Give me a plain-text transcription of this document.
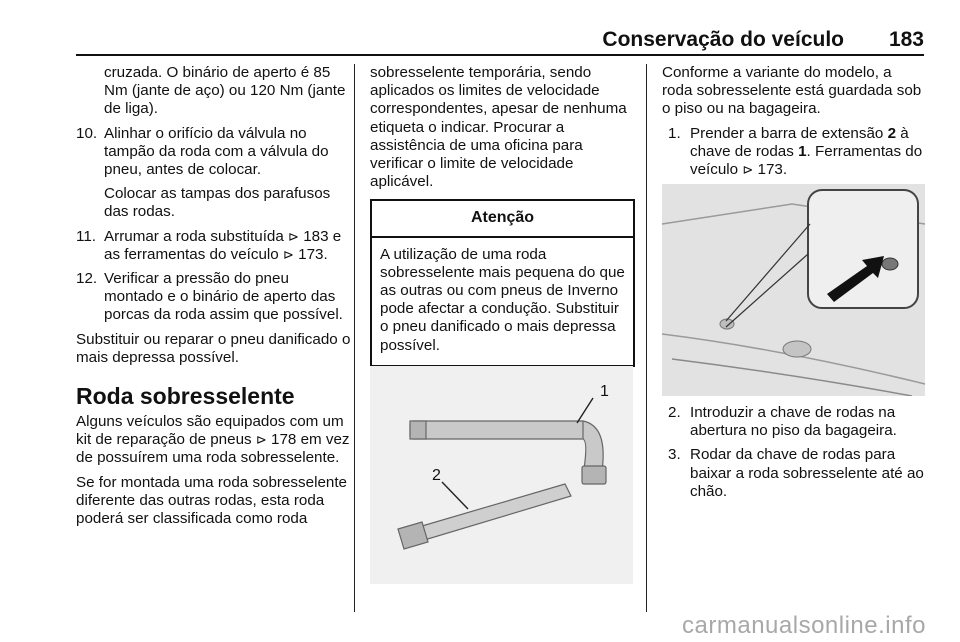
Conservação do veículo 183

cruzada. O binário de aperto é 85 Nm (jante de aço) ou 120 Nm (jante de liga).

10. Alinhar o orifício da válvula no tampão da roda com a válvula do pneu, antes de colocar.

Colocar as tampas dos parafusos das rodas.

11. Arrumar a roda substituída ⊳ 183 e as ferramentas do veículo ⊳ 173.

12. Verificar a pressão do pneu montado e o binário de aperto das porcas da roda assim que possível.

Substituir ou reparar o pneu danificado o mais depressa possível.

Roda sobresselente

Alguns veículos são equipados com um kit de reparação de pneus ⊳ 178 em vez de possuírem uma roda sobresselente.

Se for montada uma roda sobresselente diferente das outras rodas, esta roda poderá ser classificada como roda

sobresselente temporária, sendo aplicados os limites de velocidade correspondentes, apesar de nenhuma etiqueta o indicar. Procurar a assistência de uma oficina para verificar o limite de velocidade aplicável.

Atenção
A utilização de uma roda sobresselente mais pequena do que as outras ou com pneus de Inverno pode afectar a condução. Substituir o pneu danificado o mais depressa possível.
1
2

Conforme a variante do modelo, a roda sobresselente está guardada sob o piso ou na bagageira.

1. Prender a barra de extensão 2 à chave de rodas 1. Ferramentas do veículo ⊳ 173.

2. Introduzir a chave de rodas na abertura no piso da bagageira.

3. Rodar da chave de rodas para baixar a roda sobresselente até ao chão.

carmanualsonline.info
